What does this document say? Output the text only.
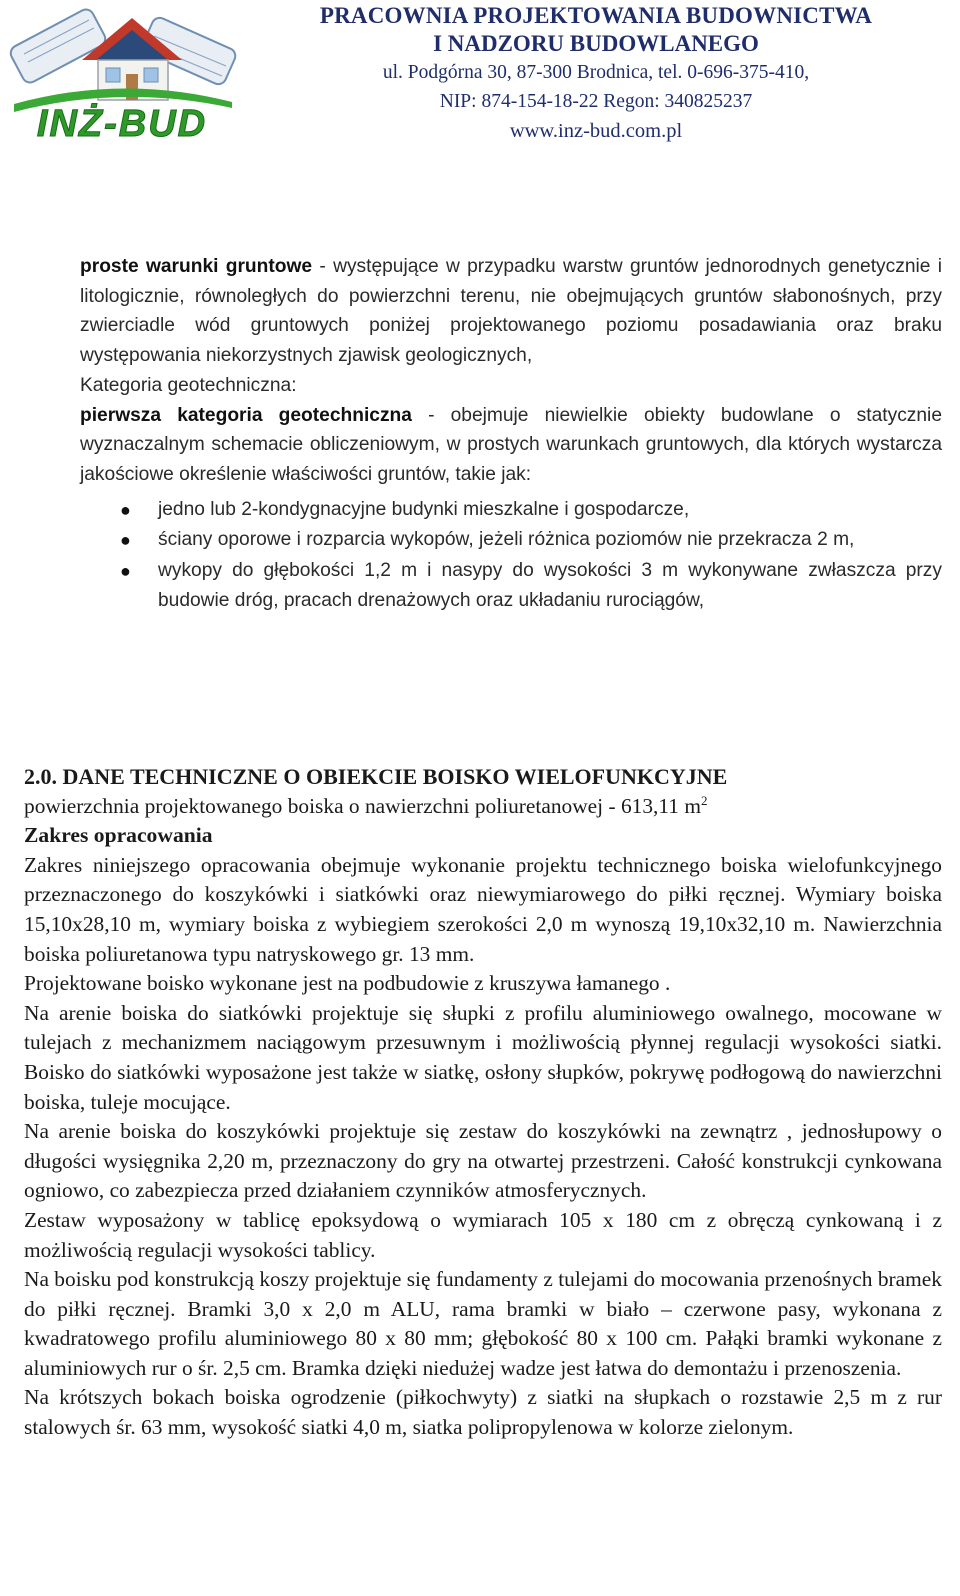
INŻ-BUD
PRACOWNIA PROJEKTOWANIA BUDOWNICTWA
I NADZORU BUDOWLANEGO
ul. Podgórna 30, 87-300 Brodnica, tel. 0-696-375-410,
NIP: 874-154-18-22 Regon: 340825237
www.inz-bud.com.pl

proste warunki gruntowe - występujące w przypadku warstw gruntów jednorodnych genetycznie i litologicznie, równoległych do powierzchni terenu, nie obejmujących gruntów słabonośnych, przy zwierciadle wód gruntowych poniżej projektowanego poziomu posadawiania oraz braku występowania niekorzystnych zjawisk geologicznych,

Kategoria geotechniczna:

pierwsza kategoria geotechniczna - obejmuje niewielkie obiekty budowlane o statycznie wyznaczalnym schemacie obliczeniowym, w prostych warunkach gruntowych, dla których wystarcza jakościowe określenie właściwości gruntów, takie jak:

● jedno lub 2-kondygnacyjne budynki mieszkalne i gospodarcze,
● ściany oporowe i rozparcia wykopów, jeżeli różnica poziomów nie przekracza 2 m,
● wykopy do głębokości 1,2 m i nasypy do wysokości 3 m wykonywane zwłaszcza przy budowie dróg, pracach drenażowych oraz układaniu rurociągów,

2.0. DANE TECHNICZNE O OBIEKCIE BOISKO WIELOFUNKCYJNE

powierzchnia projektowanego boiska o nawierzchni poliuretanowej - 613,11 $m^2$

Zakres opracowania

Zakres niniejszego opracowania obejmuje wykonanie projektu technicznego boiska wielofunkcyjnego przeznaczonego do koszykówki i siatkówki oraz niewymiarowego do piłki ręcznej. Wymiary boiska 15,10x28,10 m, wymiary boiska z wybiegiem szerokości 2,0 m wynoszą 19,10x32,10 m. Nawierzchnia boiska poliuretanowa typu natryskowego gr. 13 mm.

Projektowane boisko wykonane jest na podbudowie z kruszywa łamanego .

Na arenie boiska do siatkówki projektuje się słupki z profilu aluminiowego owalnego, mocowane w tulejach z mechanizmem naciągowym przesuwnym i możliwością płynnej regulacji wysokości siatki. Boisko do siatkówki wyposażone jest także w siatkę, osłony słupków, pokrywę podłogową do nawierzchni boiska, tuleje mocujące.

Na arenie boiska do koszykówki projektuje się zestaw do koszykówki na zewnątrz , jednosłupowy o długości wysięgnika 2,20 m, przeznaczony do gry na otwartej przestrzeni. Całość konstrukcji cynkowana ogniowo, co zabezpiecza przed działaniem czynników atmosferycznych.

Zestaw wyposażony w tablicę epoksydową o wymiarach 105 x 180 cm z obręczą cynkowaną i z możliwością regulacji wysokości tablicy.

Na boisku pod konstrukcją koszy projektuje się fundamenty z tulejami do mocowania przenośnych bramek do piłki ręcznej. Bramki 3,0 x 2,0 m ALU, rama bramki w biało – czerwone pasy, wykonana z kwadratowego profilu aluminiowego 80 x 80 mm; głębokość 80 x 100 cm. Pałąki bramki wykonane z aluminiowych rur o śr. 2,5 cm. Bramka dzięki niedużej wadze jest łatwa do demontażu i przenoszenia.

Na krótszych bokach boiska ogrodzenie (piłkochwyty) z siatki na słupkach o rozstawie 2,5 m z rur stalowych śr. 63 mm, wysokość siatki 4,0 m, siatka polipropylenowa w kolorze zielonym.
